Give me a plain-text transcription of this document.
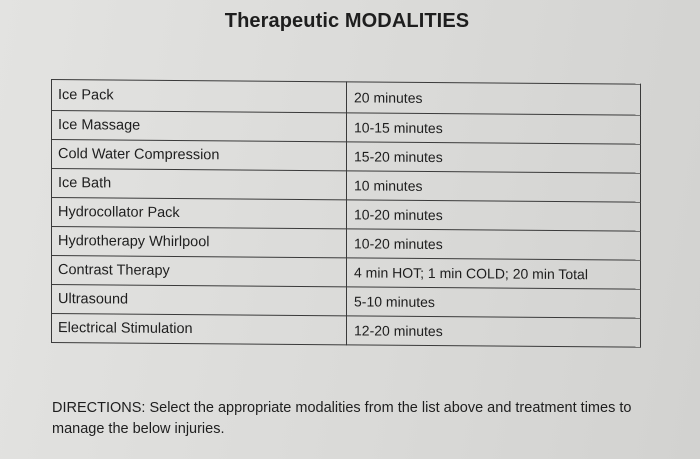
Therapeutic MODALITIES
Ice Pack	20 minutes
Ice Massage	10-15 minutes
Cold Water Compression	15-20 minutes
Ice Bath	10 minutes
Hydrocollator Pack	10-20 minutes
Hydrotherapy Whirlpool	10-20 minutes
Contrast Therapy	4 min HOT; 1 min COLD; 20 min Total
Ultrasound	5-10 minutes
Electrical Stimulation	12-20 minutes

DIRECTIONS: Select the appropriate modalities from the list above and treatment times to manage the below injuries.
